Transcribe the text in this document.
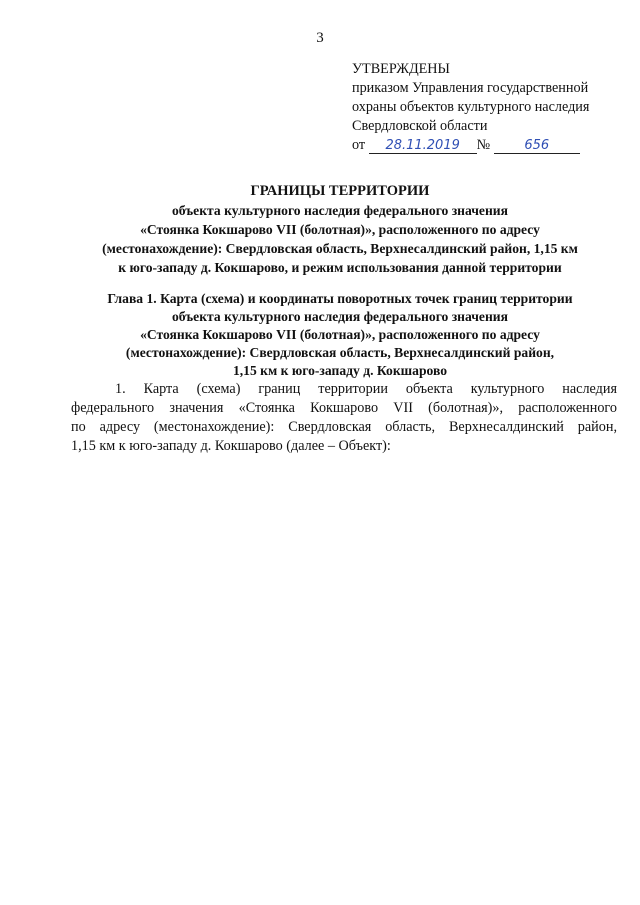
3
УТВЕРЖДЕНЫ
приказом Управления государственной
охраны объектов культурного наследия
Свердловской области
от 28.11.2019 №	656
ГРАНИЦЫ ТЕРРИТОРИИ
объекта культурного наследия федерального значения
«Стоянка Кокшарово VII (болотная)», расположенного по адресу
(местонахождение): Свердловская область, Верхнесалдинский район, 1,15 км
к юго-западу д. Кокшарово, и режим использования данной территории
Глава 1. Карта (схема) и координаты поворотных точек границ территории
объекта культурного наследия федерального значения
«Стоянка Кокшарово VII (болотная)», расположенного по адресу
(местонахождение): Свердловская область, Верхнесалдинский район,
1,15 км к юго-западу д. Кокшарово
1. Карта (схема) границ территории объекта культурного наследия
федерального значения «Стоянка Кокшарово VII (болотная)», расположенного
по адресу (местонахождение): Свердловская область, Верхнесалдинский район,
1,15 км к юго-западу д. Кокшарово (далее – Объект):
